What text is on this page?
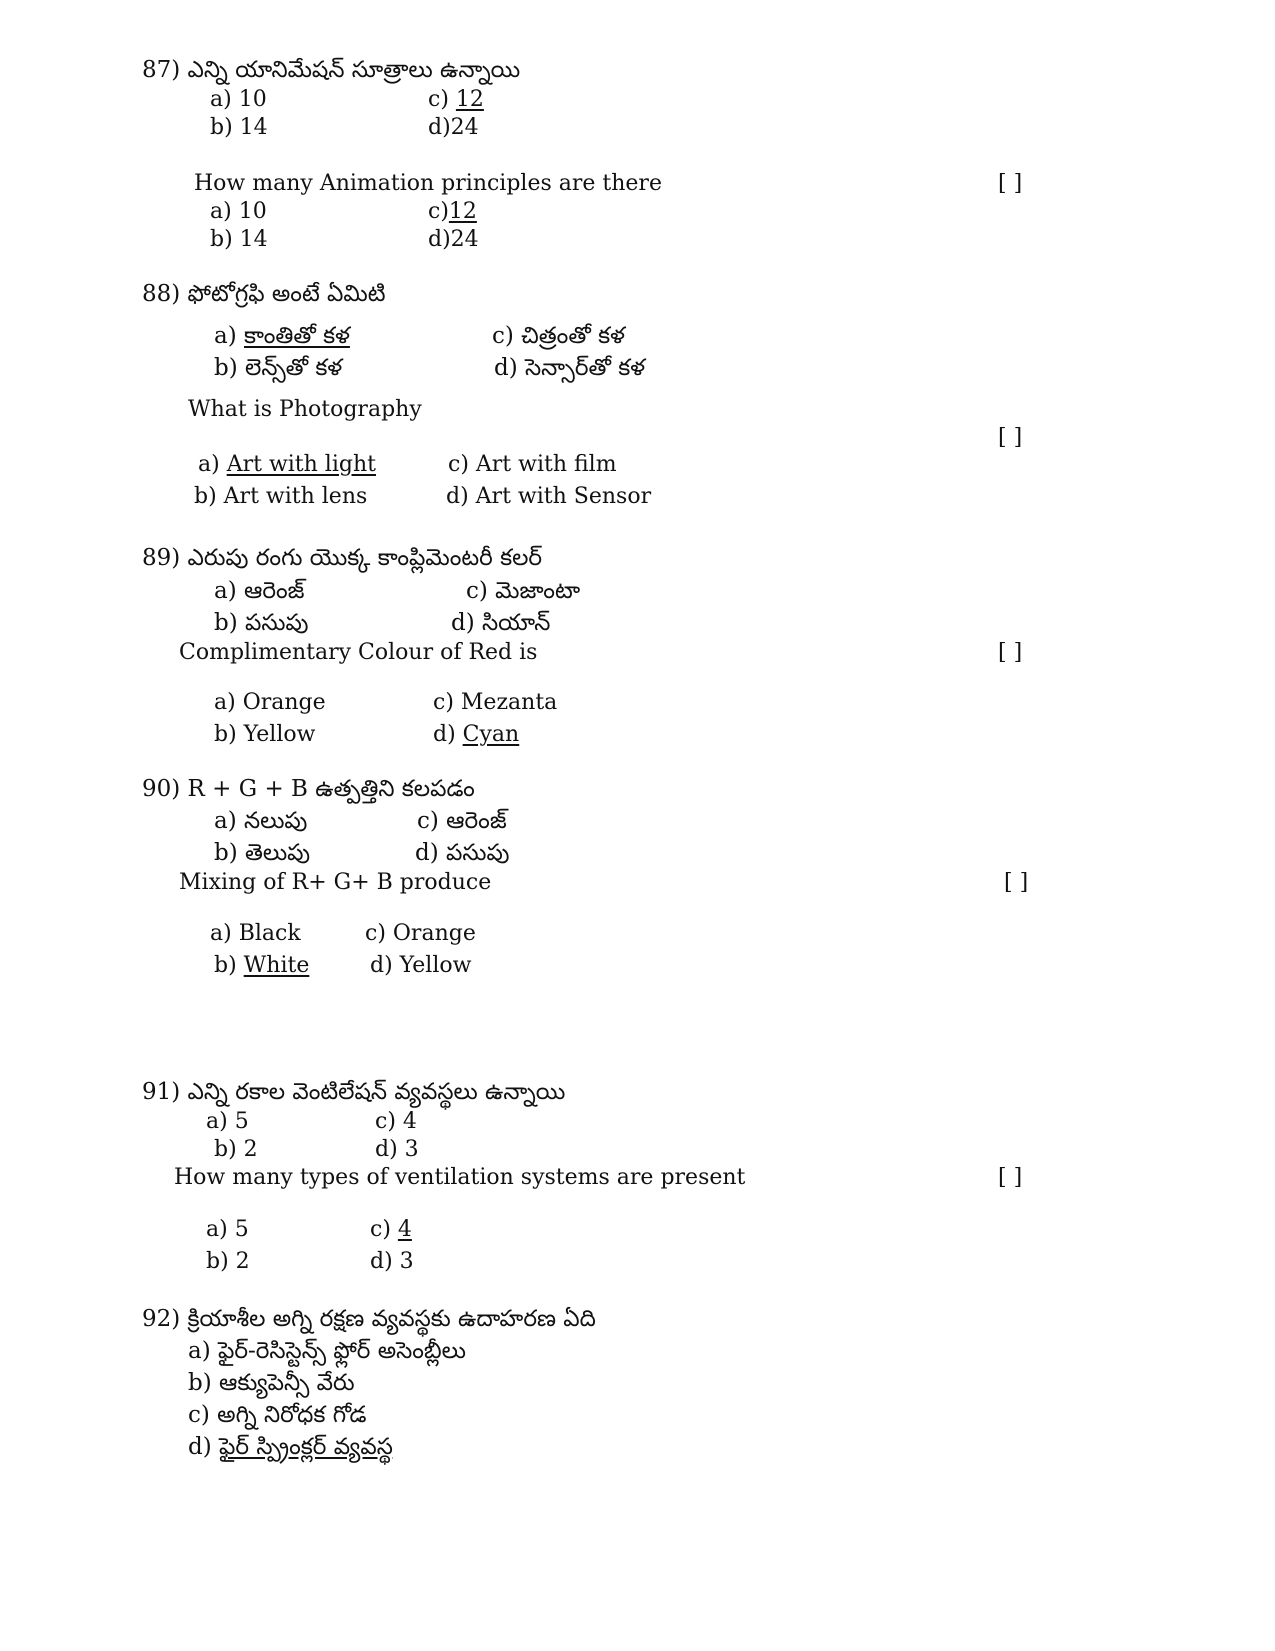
87) ఎన్ని యానిమేషన్ సూత్రాలు ఉన్నాయి
a) 10	c) 12
b) 14	d)24
How many Animation principles are there	[ ]
a) 10	c)12
b) 14	d)24
88) ఫోటోగ్రఫి అంటే ఏమిటి
a) కాంతితో కళ	c) చిత్రంతో కళ
b) లెన్స్‌తో కళ	d) సెన్సార్‌తో కళ
What is Photography
[ ]
a) Art with light	c) Art with film
b) Art with lens	d) Art with Sensor
89) ఎరుపు రంగు యొక్క కాంప్లిమెంటరీ కలర్
a) ఆరెంజ్	c) మెజాంటా
b) పసుపు	d) సియాన్
Complimentary Colour of Red is	[ ]
a) Orange	c) Mezanta
b) Yellow	d) Cyan
90) R + G + B ఉత్పత్తిని కలపడం
a) నలుపు	c) ఆరెంజ్
b) తెలుపు	d) పసుపు
Mixing of R+ G+ B produce	[ ]
a) Black	c) Orange
b) White	d) Yellow
91) ఎన్ని రకాల వెంటిలేషన్ వ్యవస్థలు ఉన్నాయి
a) 5	c) 4
b) 2	d) 3
How many types of ventilation systems are present	[ ]
a) 5	c) 4
b) 2	d) 3
92) క్రియాశీల అగ్ని రక్షణ వ్యవస్థకు ఉదాహరణ ఏది
a) ఫైర్-రెసిస్టెన్స్ ఫ్లోర్ అసెంబ్లీలు
b) ఆక్యుపెన్సీ వేరు
c) అగ్ని నిరోధక గోడ
d) ఫైర్ స్ప్రింక్లర్ వ్యవస్థ
